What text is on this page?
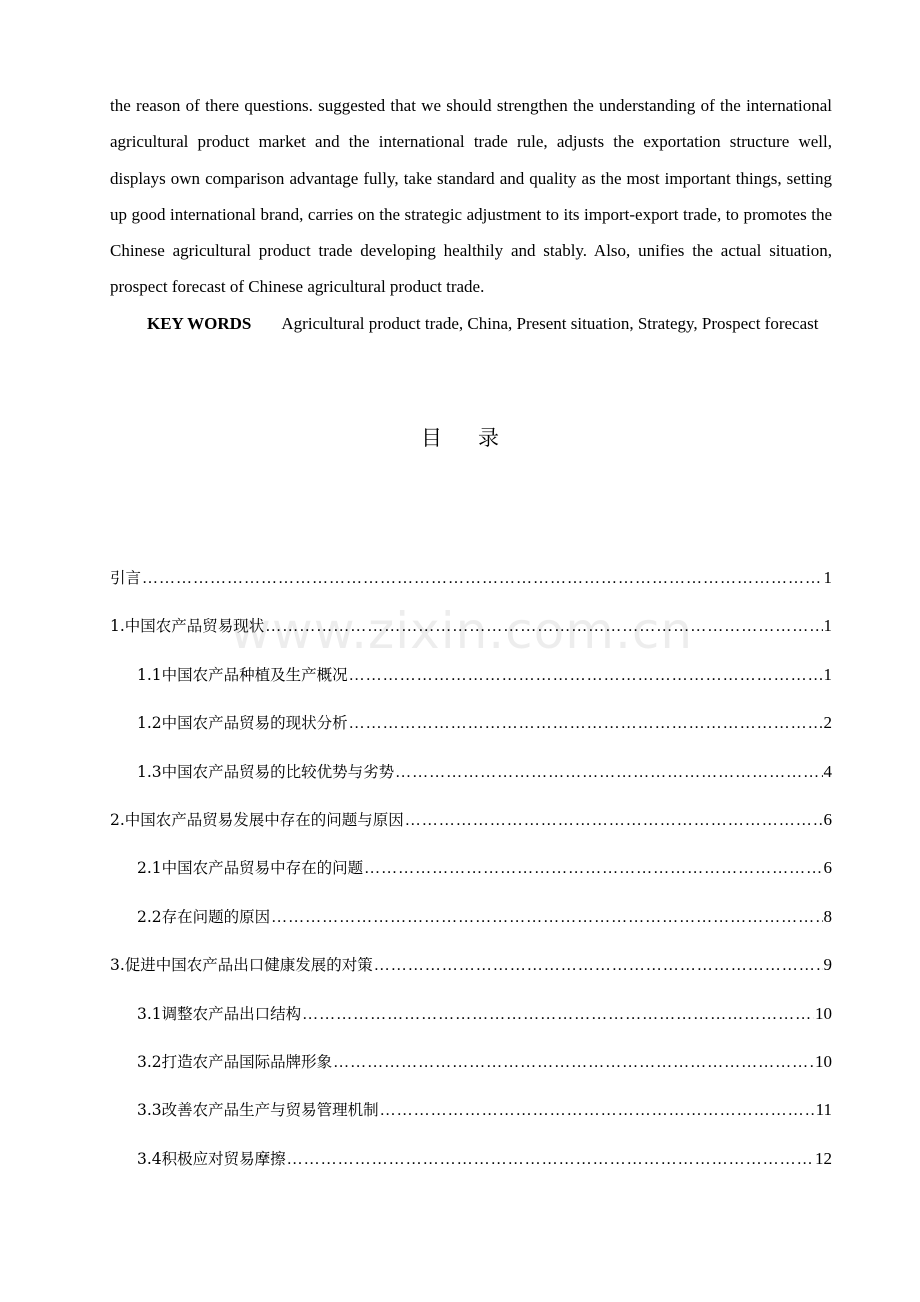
the reason of there questions. suggested that we should strengthen the understanding of the international agricultural product market and the international trade rule, adjusts the exportation structure well, displays own comparison advantage fully, take standard and quality as the most important things, setting up good international brand, carries on the strategic adjustment to its import-export trade, to promotes the Chinese agricultural product trade developing healthily and stably. Also, unifies the actual situation, prospect forecast of Chinese agricultural product trade.

KEY WORDS Agricultural product trade, China, Present situation, Strategy, Prospect forecast

目录
www.zixin.com.cn
引言 …………………………………………………………………………………………………………………………………………………………………………………………………………	1
1.中国农产品贸易现状 …………………………………………………………………………………………………………………………………………………………………………………………………………	1
1.1中国农产品种植及生产概况 …………………………………………………………………………………………………………………………………………………………………………………………………………	1
1.2中国农产品贸易的现状分析 …………………………………………………………………………………………………………………………………………………………………………………………………………	2
1.3中国农产品贸易的比较优势与劣势 …………………………………………………………………………………………………………………………………………………………………………………………………………	4
2.中国农产品贸易发展中存在的问题与原因 …………………………………………………………………………………………………………………………………………………………………………………………………………	6
2.1中国农产品贸易中存在的问题 …………………………………………………………………………………………………………………………………………………………………………………………………………	6
2.2存在问题的原因 …………………………………………………………………………………………………………………………………………………………………………………………………………	8
3.促进中国农产品出口健康发展的对策 …………………………………………………………………………………………………………………………………………………………………………………………………………	9
3.1调整农产品出口结构 …………………………………………………………………………………………………………………………………………………………………………………………………………	10
3.2打造农产品国际品牌形象 …………………………………………………………………………………………………………………………………………………………………………………………………………	10
3.3改善农产品生产与贸易管理机制 …………………………………………………………………………………………………………………………………………………………………………………………………………	11
3.4积极应对贸易摩擦 …………………………………………………………………………………………………………………………………………………………………………………………………………	12
